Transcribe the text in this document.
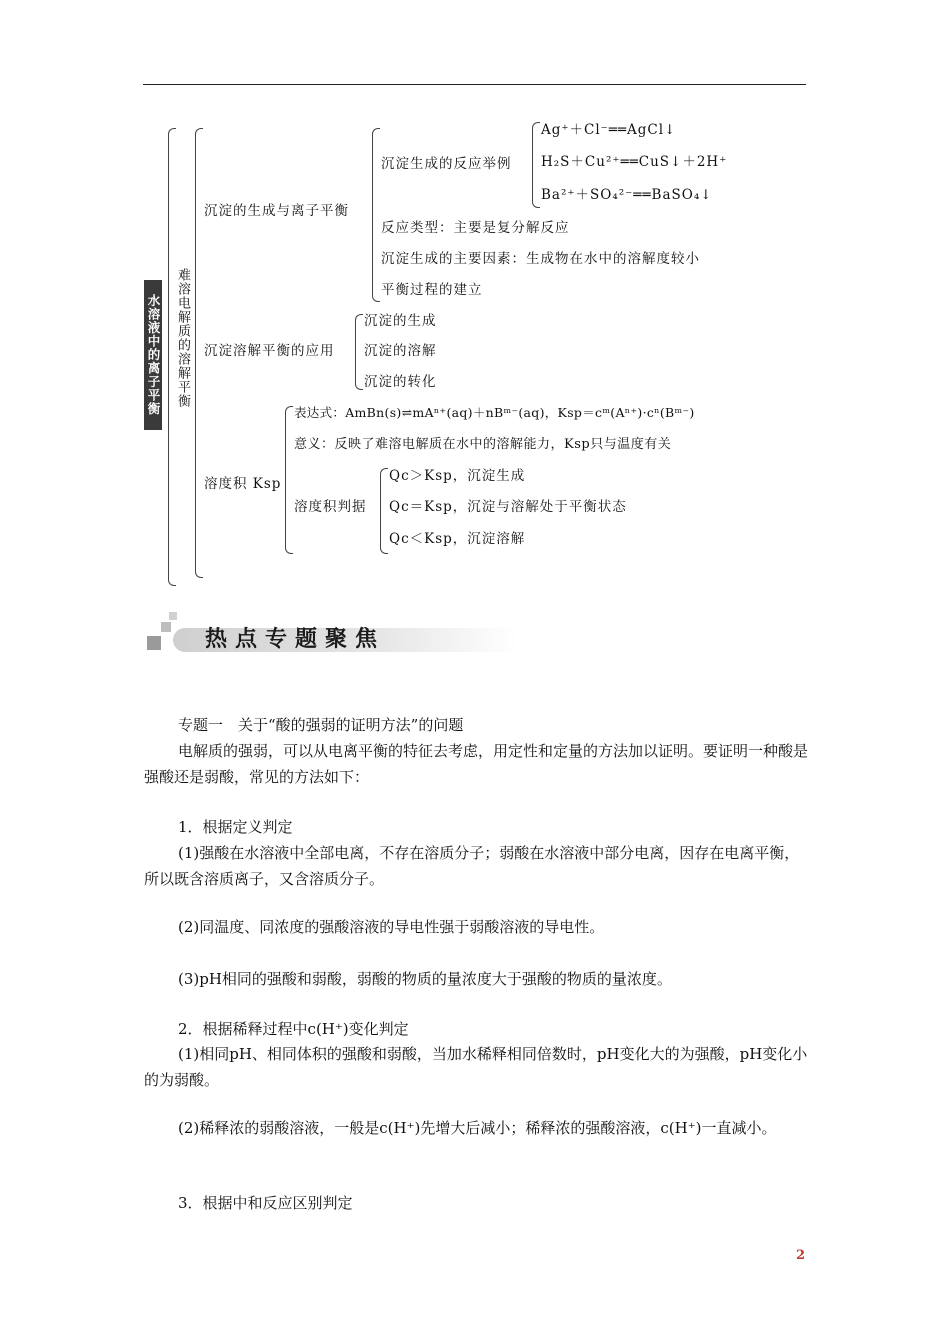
水溶液中的离子平衡 难溶电解质的溶解平衡
沉淀的生成与离子平衡
沉淀生成的反应举例
Ag⁺＋Cl⁻══AgCl↓
H₂S＋Cu²⁺══CuS↓＋2H⁺
Ba²⁺＋SO₄²⁻══BaSO₄↓
反应类型：主要是复分解反应
沉淀生成的主要因素：生成物在水中的溶解度较小
平衡过程的建立
沉淀溶解平衡的应用
沉淀的生成
沉淀的溶解
沉淀的转化
溶度积 Ksp
表达式：AmBn(s)⇌mAⁿ⁺(aq)＋nBᵐ⁻(aq)，Ksp＝cᵐ(Aⁿ⁺)·cⁿ(Bᵐ⁻)
意义：反映了难溶电解质在水中的溶解能力，Ksp只与温度有关
溶度积判据
Qc＞Ksp，沉淀生成
Qc＝Ksp，沉淀与溶解处于平衡状态
Qc＜Ksp，沉淀溶解
热点专题聚焦
专题一　关于“酸的强弱的证明方法”的问题
电解质的强弱，可以从电离平衡的特征去考虑，用定性和定量的方法加以证明。要证明一种酸是强酸还是弱酸，常见的方法如下：
1．根据定义判定
(1)强酸在水溶液中全部电离，不存在溶质分子；弱酸在水溶液中部分电离，因存在电离平衡，所以既含溶质离子，又含溶质分子。
(2)同温度、同浓度的强酸溶液的导电性强于弱酸溶液的导电性。
(3)pH相同的强酸和弱酸，弱酸的物质的量浓度大于强酸的物质的量浓度。
2．根据稀释过程中c(H⁺)变化判定
(1)相同pH、相同体积的强酸和弱酸，当加水稀释相同倍数时，pH变化大的为强酸，pH变化小的为弱酸。
(2)稀释浓的弱酸溶液，一般是c(H⁺)先增大后减小；稀释浓的强酸溶液，c(H⁺)一直减小。
3．根据中和反应区别判定
2
